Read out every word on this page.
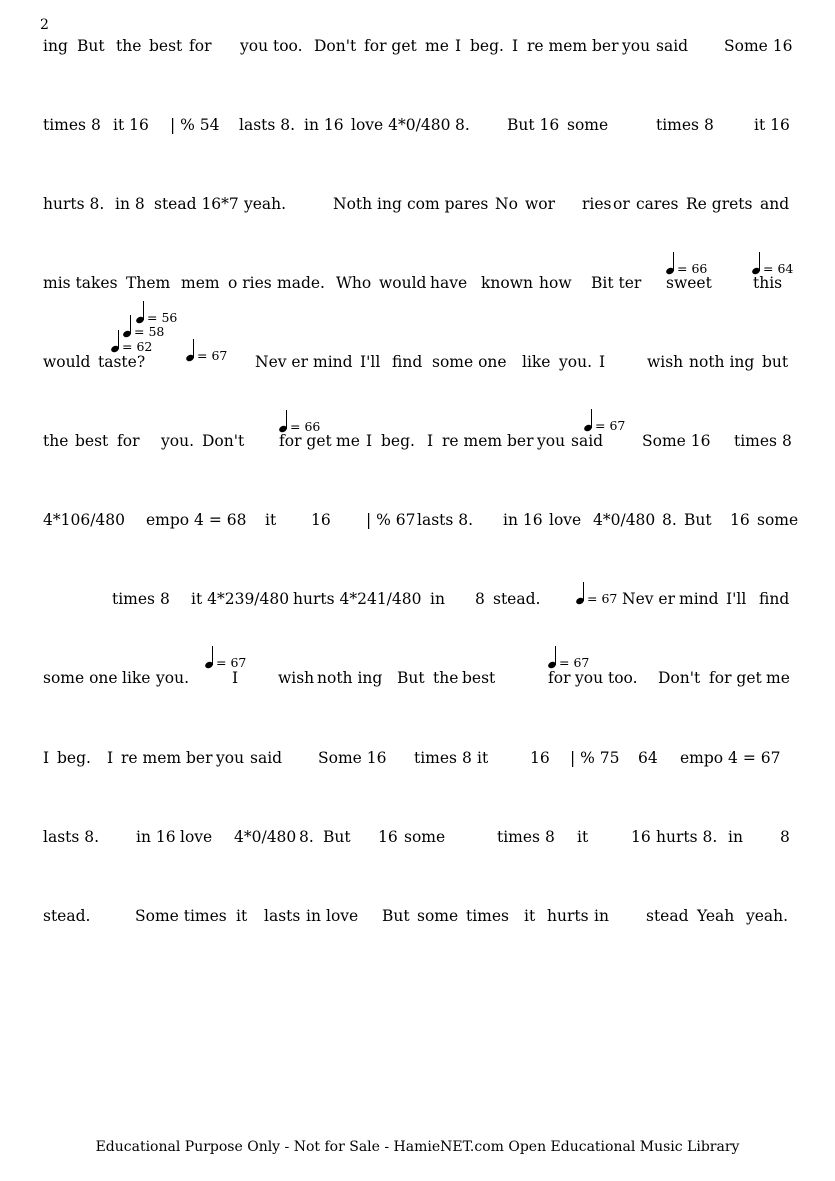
2
ing But the best for you too. Don't for get me I beg. I re mem ber you said Some 16
times 8 it 16 | % 54 lasts 8. in 16 love 4*0/480 8. But 16 some	times 8	it 16
hurts 8. in 8 stead 16*7 yeah.	Noth ing com pares No wor ries or cares Re grets and
= 66	= 64
mis takes Them mem o ries made. Who would have known how Bit ter sweet	this
= 56
= 58
= 62
= 67
would taste?	Nev er mind I'll find some one like you. I	wish noth ing but
= 66	= 67
the best for you. Don't for get me I beg. I re mem ber you said	Some 16 times 8
4*106/480 empo 4 = 68 it 16 | % 67 lasts 8. in 16 love 4*0/480 8. But 16 some
= 67
times 8 it 4*239/480 hurts 4*241/480 in 8 stead.	Nev er mind I'll find
= 67	= 67
some one like you.	I	wish noth ing But the best	for you too. Don't for get me
I beg. I re mem ber you said Some 16 times 8 it	16 | % 75 64 empo 4 = 67
lasts 8. in 16 love 4*0/480 8. But 16 some	times 8 it	16 hurts 8. in 8
stead.	Some times it lasts in love But some times it hurts in stead Yeah yeah.
Educational Purpose Only - Not for Sale - HamieNET.com Open Educational Music Library
